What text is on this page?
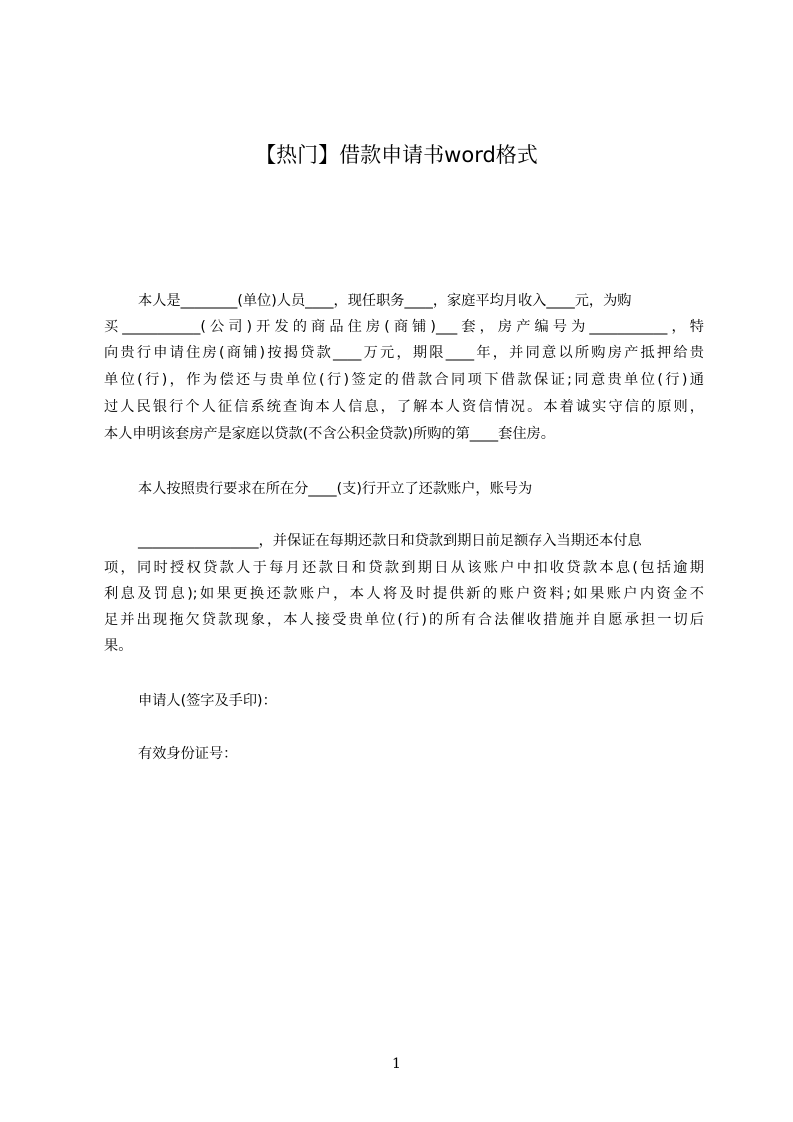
【热门】借款申请书word格式
本人是________(单位)人员____，现任职务____，家庭平均月收入____元，为购
买___________(公司)开发的商品住房(商铺)___套，房产编号为___________，特
向贵行申请住房(商铺)按揭贷款____万元，期限____年，并同意以所购房产抵押给贵
单位(行)，作为偿还与贵单位(行)签定的借款合同项下借款保证;同意贵单位(行)通
过人民银行个人征信系统查询本人信息，了解本人资信情况。本着诚实守信的原则，
本人申明该套房产是家庭以贷款(不含公积金贷款)所购的第____套住房。
本人按照贵行要求在所在分____(支)行开立了还款账户，账号为
_________________，并保证在每期还款日和贷款到期日前足额存入当期还本付息
项，同时授权贷款人于每月还款日和贷款到期日从该账户中扣收贷款本息(包括逾期
利息及罚息);如果更换还款账户，本人将及时提供新的账户资料;如果账户内资金不
足并出现拖欠贷款现象，本人接受贵单位(行)的所有合法催收措施并自愿承担一切后
果。
申请人(签字及手印)：
有效身份证号：
1
